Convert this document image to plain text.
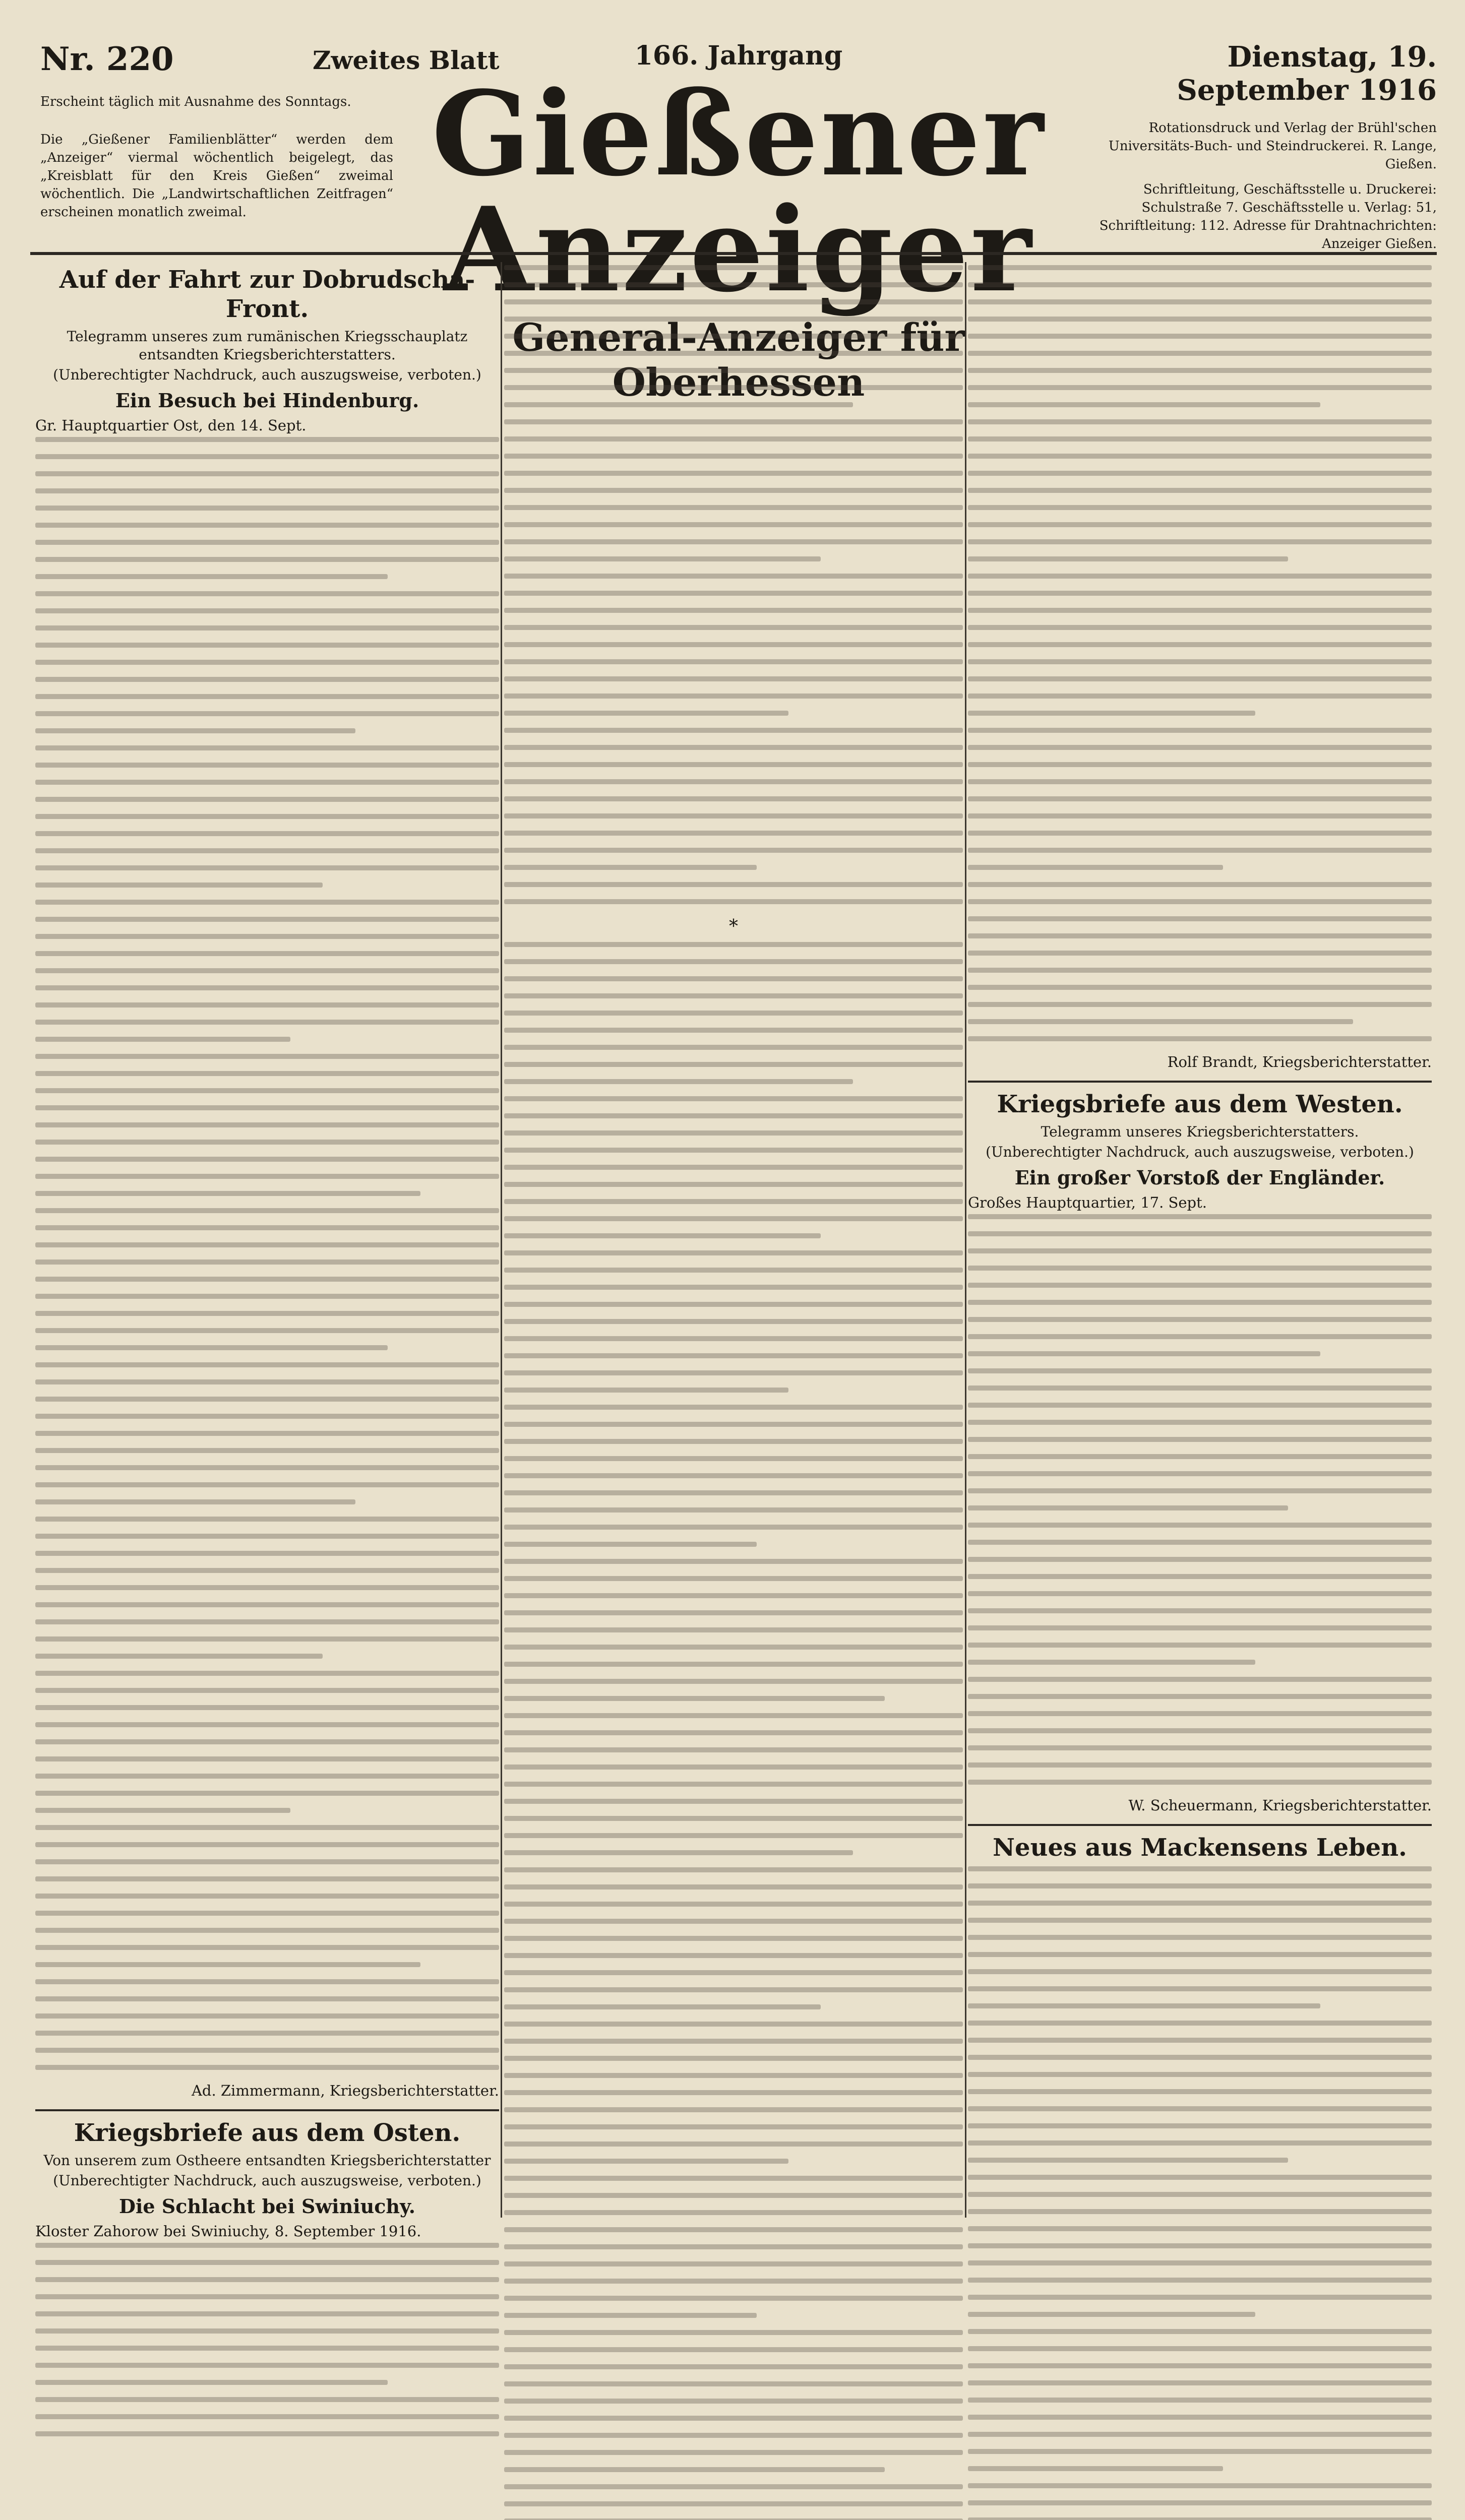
Nr. 220
Erscheint täglich mit Ausnahme des Sonntags.
Die „Gießener Familienblätter“ werden dem „Anzeiger“ viermal wöchentlich beigelegt, das „Kreisblatt für den Kreis Gießen“ zweimal wöchentlich. Die „Landwirtschaftlichen Zeitfragen“ erscheinen monatlich zweimal.
Zweites Blatt	166. Jahrgang
Gießener Anzeiger
General-Anzeiger für Oberhessen
Dienstag, 19. September 1916

Rotationsdruck und Verlag der Brühl'schen Universitäts-Buch- und Steindruckerei. R. Lange, Gießen.

Schriftleitung, Geschäftsstelle u. Druckerei: Schulstraße 7. Geschäftsstelle u. Verlag: 51, Schriftleitung: 112. Adresse für Drahtnachrichten: Anzeiger Gießen.

Auf der Fahrt zur Dobrudscha-Front.
Telegramm unseres zum rumänischen Kriegsschauplatz entsandten Kriegsberichterstatters.
(Unberechtigter Nachdruck, auch auszugsweise, verboten.)
Ein Besuch bei Hindenburg.
Gr. Hauptquartier Ost, den 14. Sept.
Ad. Zimmermann, Kriegsberichterstatter.
Kriegsbriefe aus dem Osten.
Von unserem zum Ostheere entsandten Kriegsberichterstatter
(Unberechtigter Nachdruck, auch auszugsweise, verboten.)
Die Schlacht bei Swiniuchy.
Kloster Zahorow bei Swiniuchy, 8. September 1916.
*
Rolf Brandt, Kriegsberichterstatter.
Kriegsbriefe aus dem Westen.
Telegramm unseres Kriegsberichterstatters.
(Unberechtigter Nachdruck, auch auszugsweise, verboten.)
Ein großer Vorstoß der Engländer.
Großes Hauptquartier, 17. Sept.
W. Scheuermann, Kriegsberichterstatter.
Neues aus Mackensens Leben.
